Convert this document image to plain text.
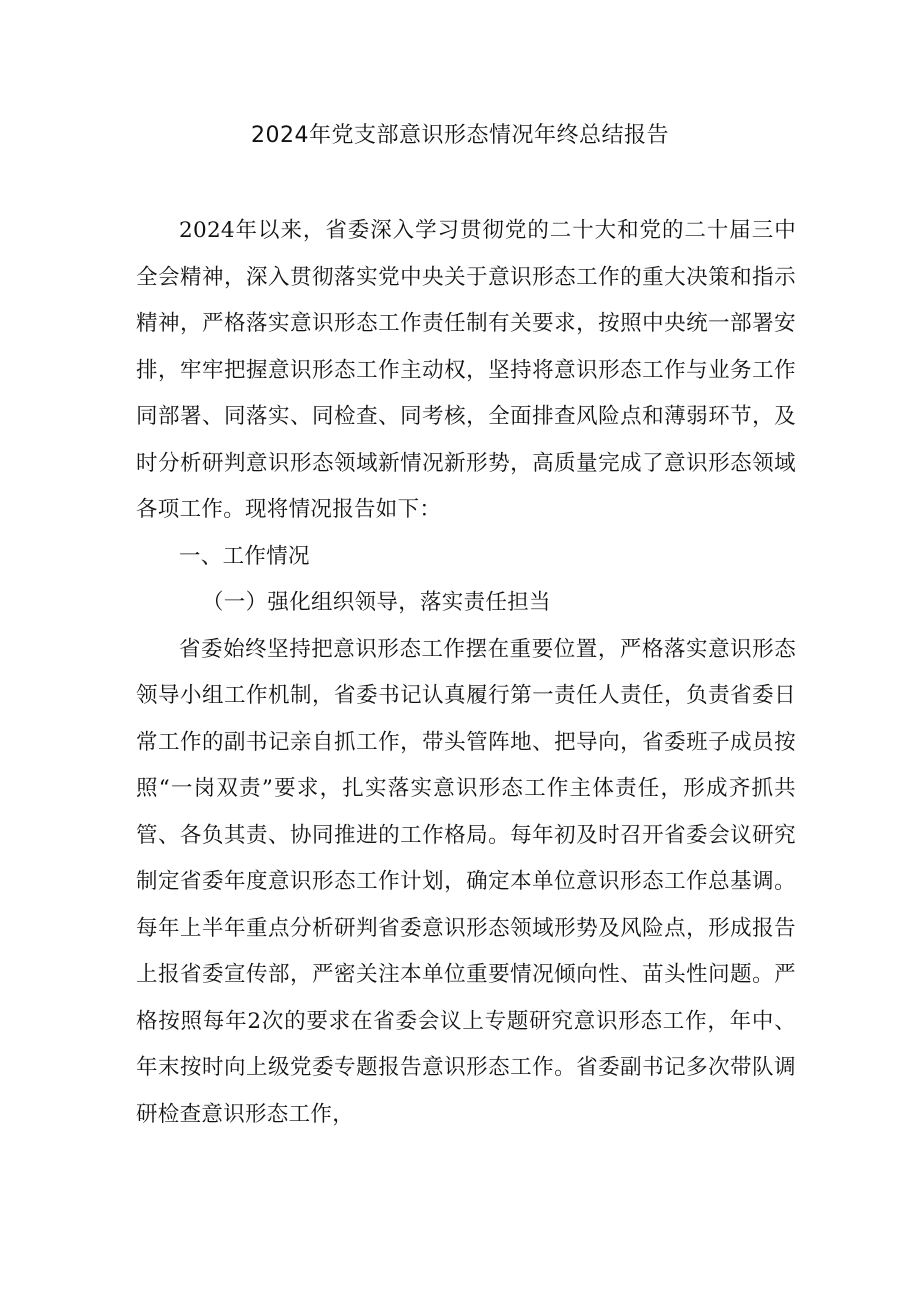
2024年党支部意识形态情况年终总结报告

2024年以来，省委深入学习贯彻党的二十大和党的二十届三中全会精神，深入贯彻落实党中央关于意识形态工作的重大决策和指示精神，严格落实意识形态工作责任制有关要求，按照中央统一部署安排，牢牢把握意识形态工作主动权，坚持将意识形态工作与业务工作同部署、同落实、同检查、同考核，全面排查风险点和薄弱环节，及时分析研判意识形态领域新情况新形势，高质量完成了意识形态领域各项工作。现将情况报告如下：

一、工作情况

（一）强化组织领导，落实责任担当

省委始终坚持把意识形态工作摆在重要位置，严格落实意识形态领导小组工作机制，省委书记认真履行第一责任人责任，负责省委日常工作的副书记亲自抓工作，带头管阵地、把导向，省委班子成员按照“一岗双责”要求，扎实落实意识形态工作主体责任，形成齐抓共管、各负其责、协同推进的工作格局。每年初及时召开省委会议研究制定省委年度意识形态工作计划，确定本单位意识形态工作总基调。每年上半年重点分析研判省委意识形态领域形势及风险点，形成报告上报省委宣传部，严密关注本单位重要情况倾向性、苗头性问题。严格按照每年2次的要求在省委会议上专题研究意识形态工作，年中、年末按时向上级党委专题报告意识形态工作。省委副书记多次带队调研检查意识形态工作，
